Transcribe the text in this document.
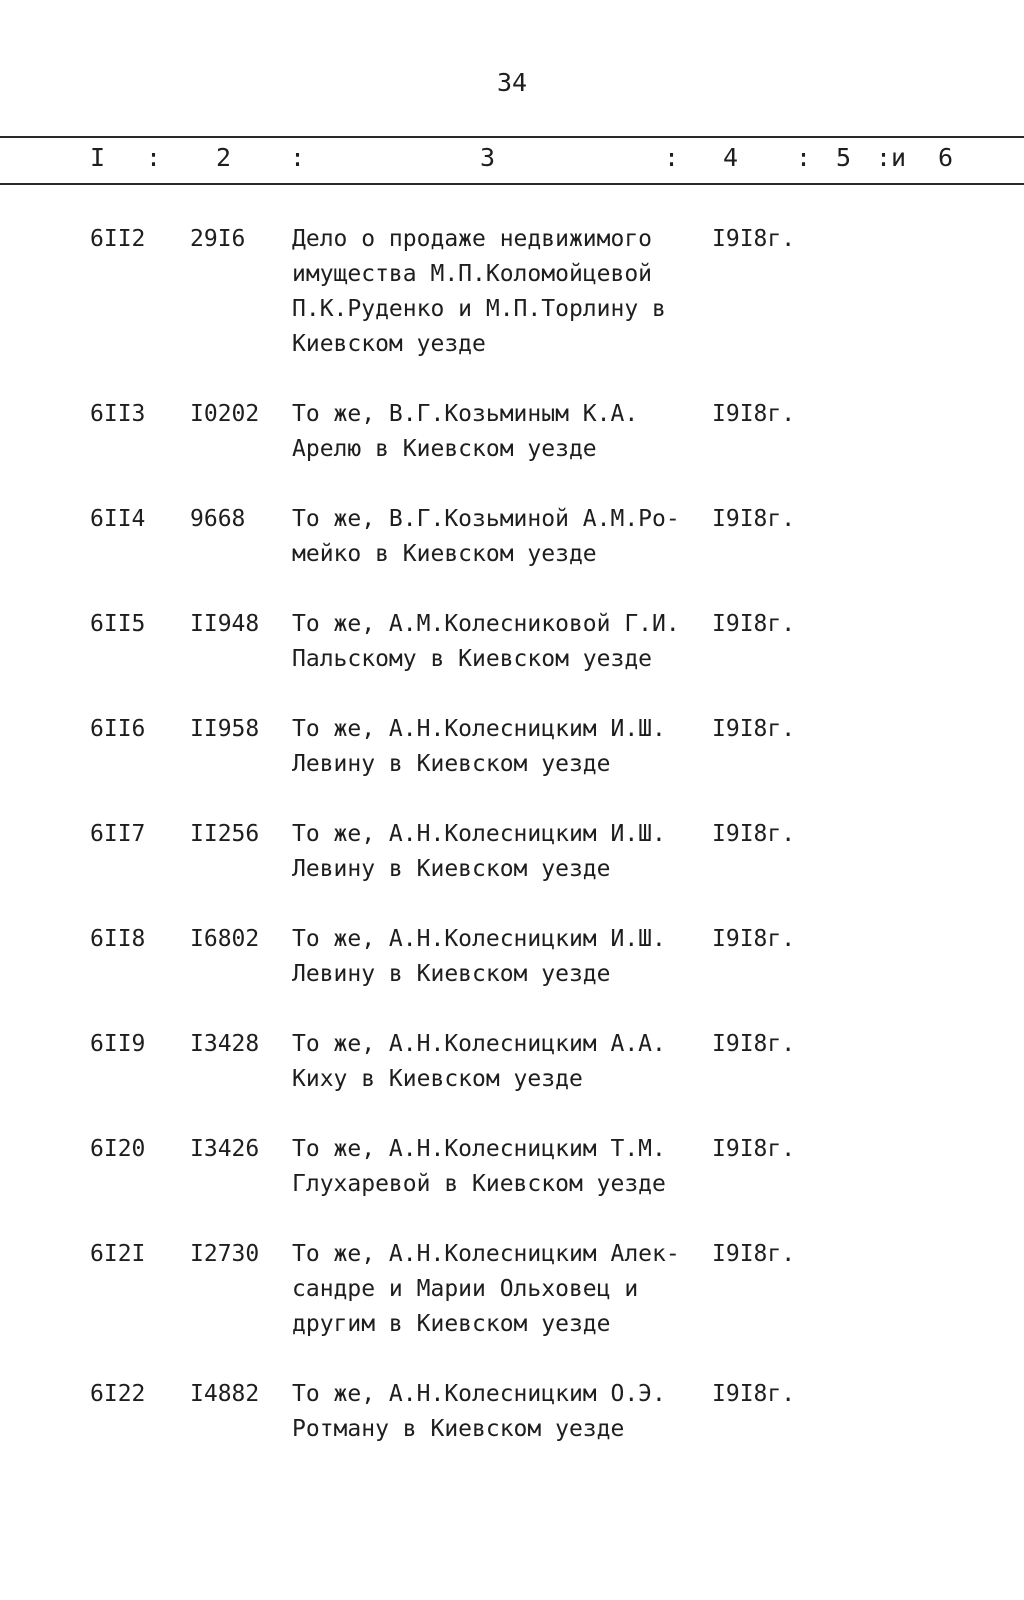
34
I : 2 :	3	: 4 : 5 :и 6
6II2 29I6 Дело о продаже недвижимого
имущества М.П.Коломойцевой
П.К.Руденко и М.П.Торлину в
Киевском уезде
I9I8г.
6II3 I0202 То же, В.Г.Козьминым К.А.
Арелю в Киевском уезде
I9I8г.
6II4 9668 То же, В.Г.Козьминой А.М.Ро-
мейко в Киевском уезде
I9I8г.
6II5 II948 То же, А.М.Колесниковой Г.И.
Пальскому в Киевском уезде
I9I8г.
6II6 II958 То же, А.Н.Колесницким И.Ш.
Левину в Киевском уезде
I9I8г.
6II7 II256 То же, А.Н.Колесницким И.Ш.
Левину в Киевском уезде
I9I8г.
6II8 I6802 То же, А.Н.Колесницким И.Ш.
Левину в Киевском уезде
I9I8г.
6II9 I3428 То же, А.Н.Колесницким А.А.
Киху в Киевском уезде
I9I8г.
6I20 I3426 То же, А.Н.Колесницким Т.М.
Глухаревой в Киевском уезде
I9I8г.
6I2I I2730 То же, А.Н.Колесницким Алек-
сандре и Марии Ольховец и
другим в Киевском уезде
I9I8г.
6I22 I4882 То же, А.Н.Колесницким О.Э.
Ротману в Киевском уезде
I9I8г.
